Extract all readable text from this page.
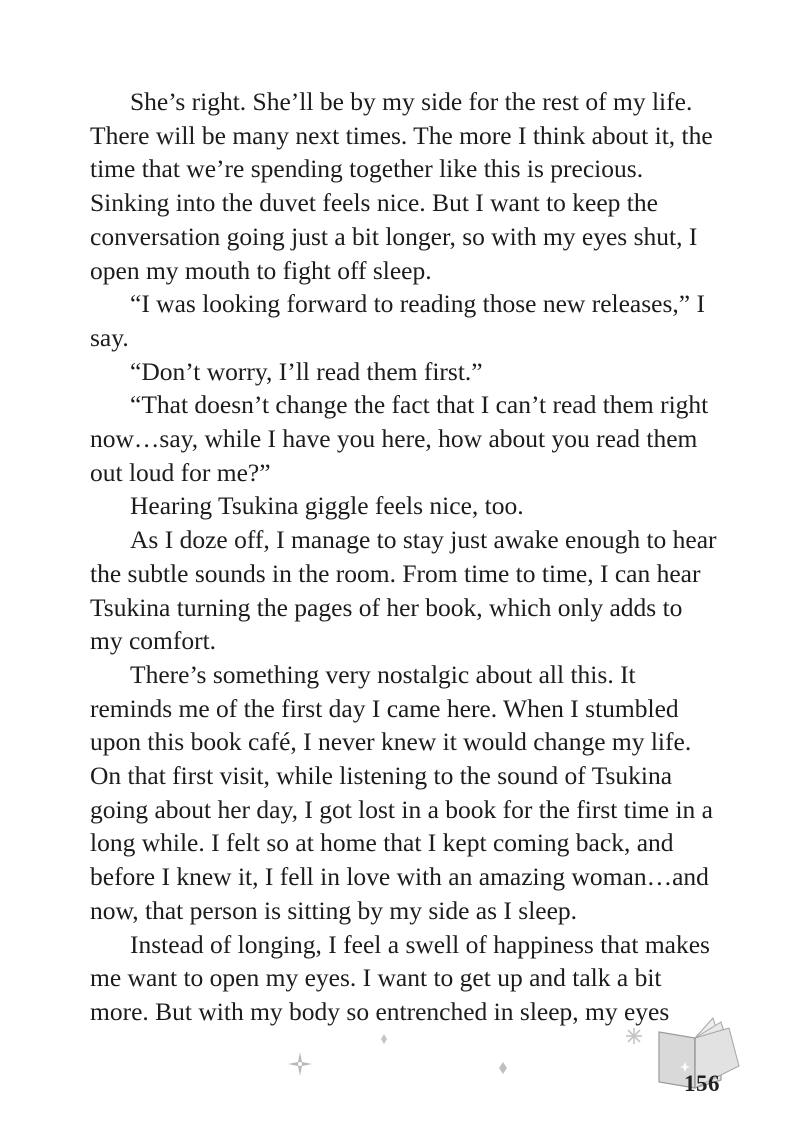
She’s right. She’ll be by my side for the rest of my life. There will be many next times. The more I think about it, the time that we’re spending together like this is precious. Sinking into the duvet feels nice. But I want to keep the conversation going just a bit longer, so with my eyes shut, I open my mouth to fight off sleep.

“I was looking forward to reading those new releases,” I say.

“Don’t worry, I’ll read them first.”

“That doesn’t change the fact that I can’t read them right now…say, while I have you here, how about you read them out loud for me?”

Hearing Tsukina giggle feels nice, too.

As I doze off, I manage to stay just awake enough to hear the subtle sounds in the room. From time to time, I can hear Tsukina turning the pages of her book, which only adds to my comfort.

There’s something very nostalgic about all this. It reminds me of the first day I came here. When I stumbled upon this book café, I never knew it would change my life. On that first visit, while listening to the sound of Tsukina going about her day, I got lost in a book for the first time in a long while. I felt so at home that I kept coming back, and before I knew it, I fell in love with an amazing woman…and now, that person is sitting by my side as I sleep.

Instead of longing, I feel a swell of happiness that makes me want to open my eyes. I want to get up and talk a bit more. But with my body so entrenched in sleep, my eyes

156
